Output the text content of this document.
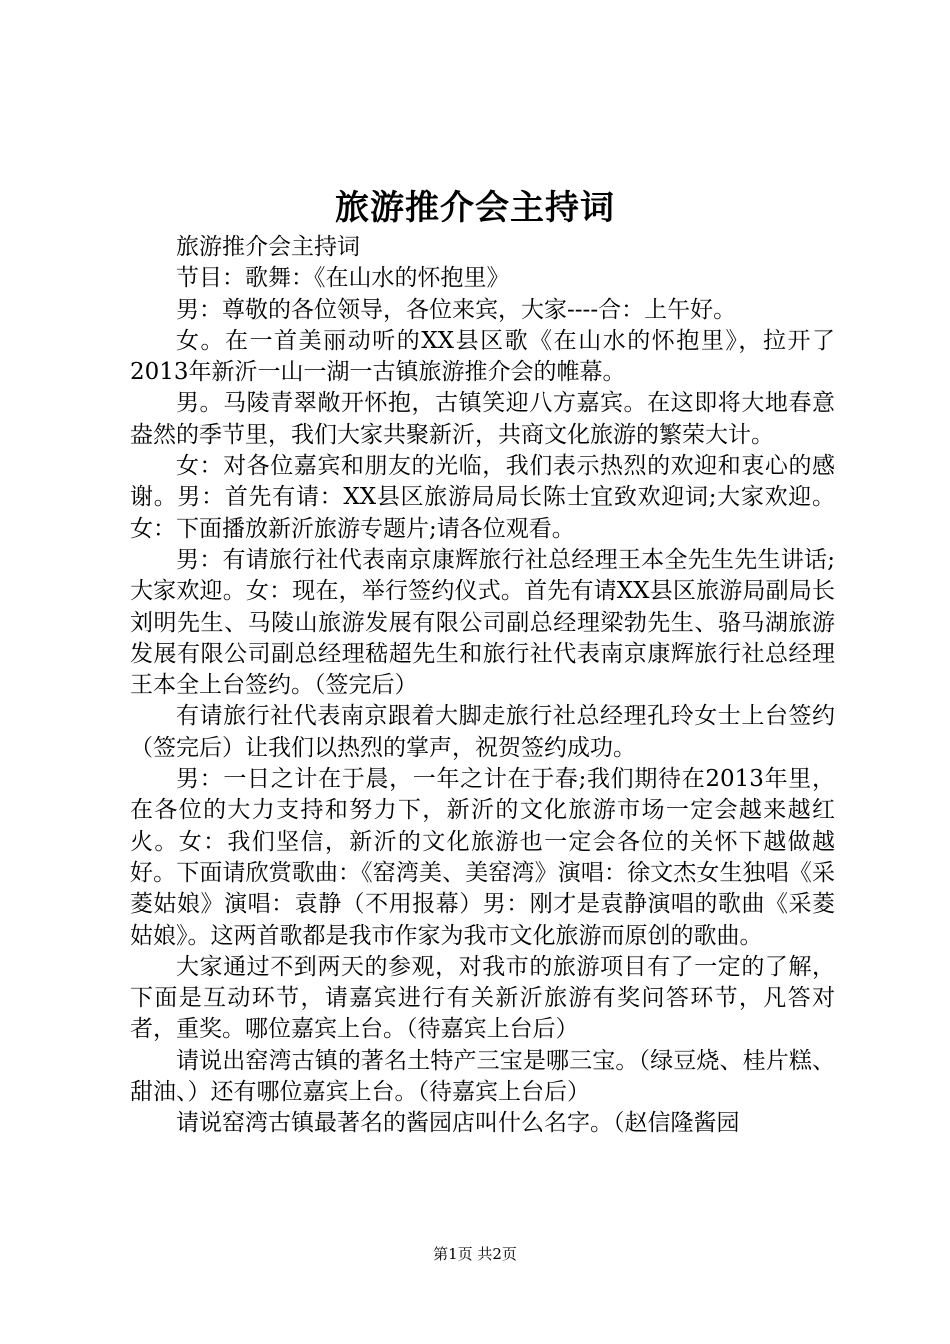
旅游推介会主持词

旅游推介会主持词

节目：歌舞：《在山水的怀抱里》

男：尊敬的各位领导，各位来宾，大家----合：上午好。

女。在一首美丽动听的XX县区歌《在山水的怀抱里》，拉开了2013年新沂一山一湖一古镇旅游推介会的帷幕。

男。马陵青翠敞开怀抱，古镇笑迎八方嘉宾。在这即将大地春意盎然的季节里，我们大家共聚新沂，共商文化旅游的繁荣大计。

女：对各位嘉宾和朋友的光临，我们表示热烈的欢迎和衷心的感谢。男：首先有请：XX县区旅游局局长陈士宜致欢迎词;大家欢迎。女：下面播放新沂旅游专题片;请各位观看。

男：有请旅行社代表南京康辉旅行社总经理王本全先生先生讲话;大家欢迎。女：现在，举行签约仪式。首先有请XX县区旅游局副局长刘明先生、马陵山旅游发展有限公司副总经理梁勃先生、骆马湖旅游发展有限公司副总经理嵇超先生和旅行社代表南京康辉旅行社总经理王本全上台签约。（签完后）

有请旅行社代表南京跟着大脚走旅行社总经理孔玲女士上台签约（签完后）让我们以热烈的掌声，祝贺签约成功。

男：一日之计在于晨，一年之计在于春;我们期待在2013年里，在各位的大力支持和努力下，新沂的文化旅游市场一定会越来越红火。女：我们坚信，新沂的文化旅游也一定会各位的关怀下越做越好。下面请欣赏歌曲：《窑湾美、美窑湾》演唱：徐文杰女生独唱《采菱姑娘》演唱：袁静（不用报幕）男：刚才是袁静演唱的歌曲《采菱姑娘》。这两首歌都是我市作家为我市文化旅游而原创的歌曲。

大家通过不到两天的参观，对我市的旅游项目有了一定的了解，下面是互动环节，请嘉宾进行有关新沂旅游有奖问答环节，凡答对者，重奖。哪位嘉宾上台。（待嘉宾上台后）

请说出窑湾古镇的著名土特产三宝是哪三宝。（绿豆烧、桂片糕、甜油、）还有哪位嘉宾上台。（待嘉宾上台后）

请说窑湾古镇最著名的酱园店叫什么名字。（赵信隆酱园

第1页 共2页
